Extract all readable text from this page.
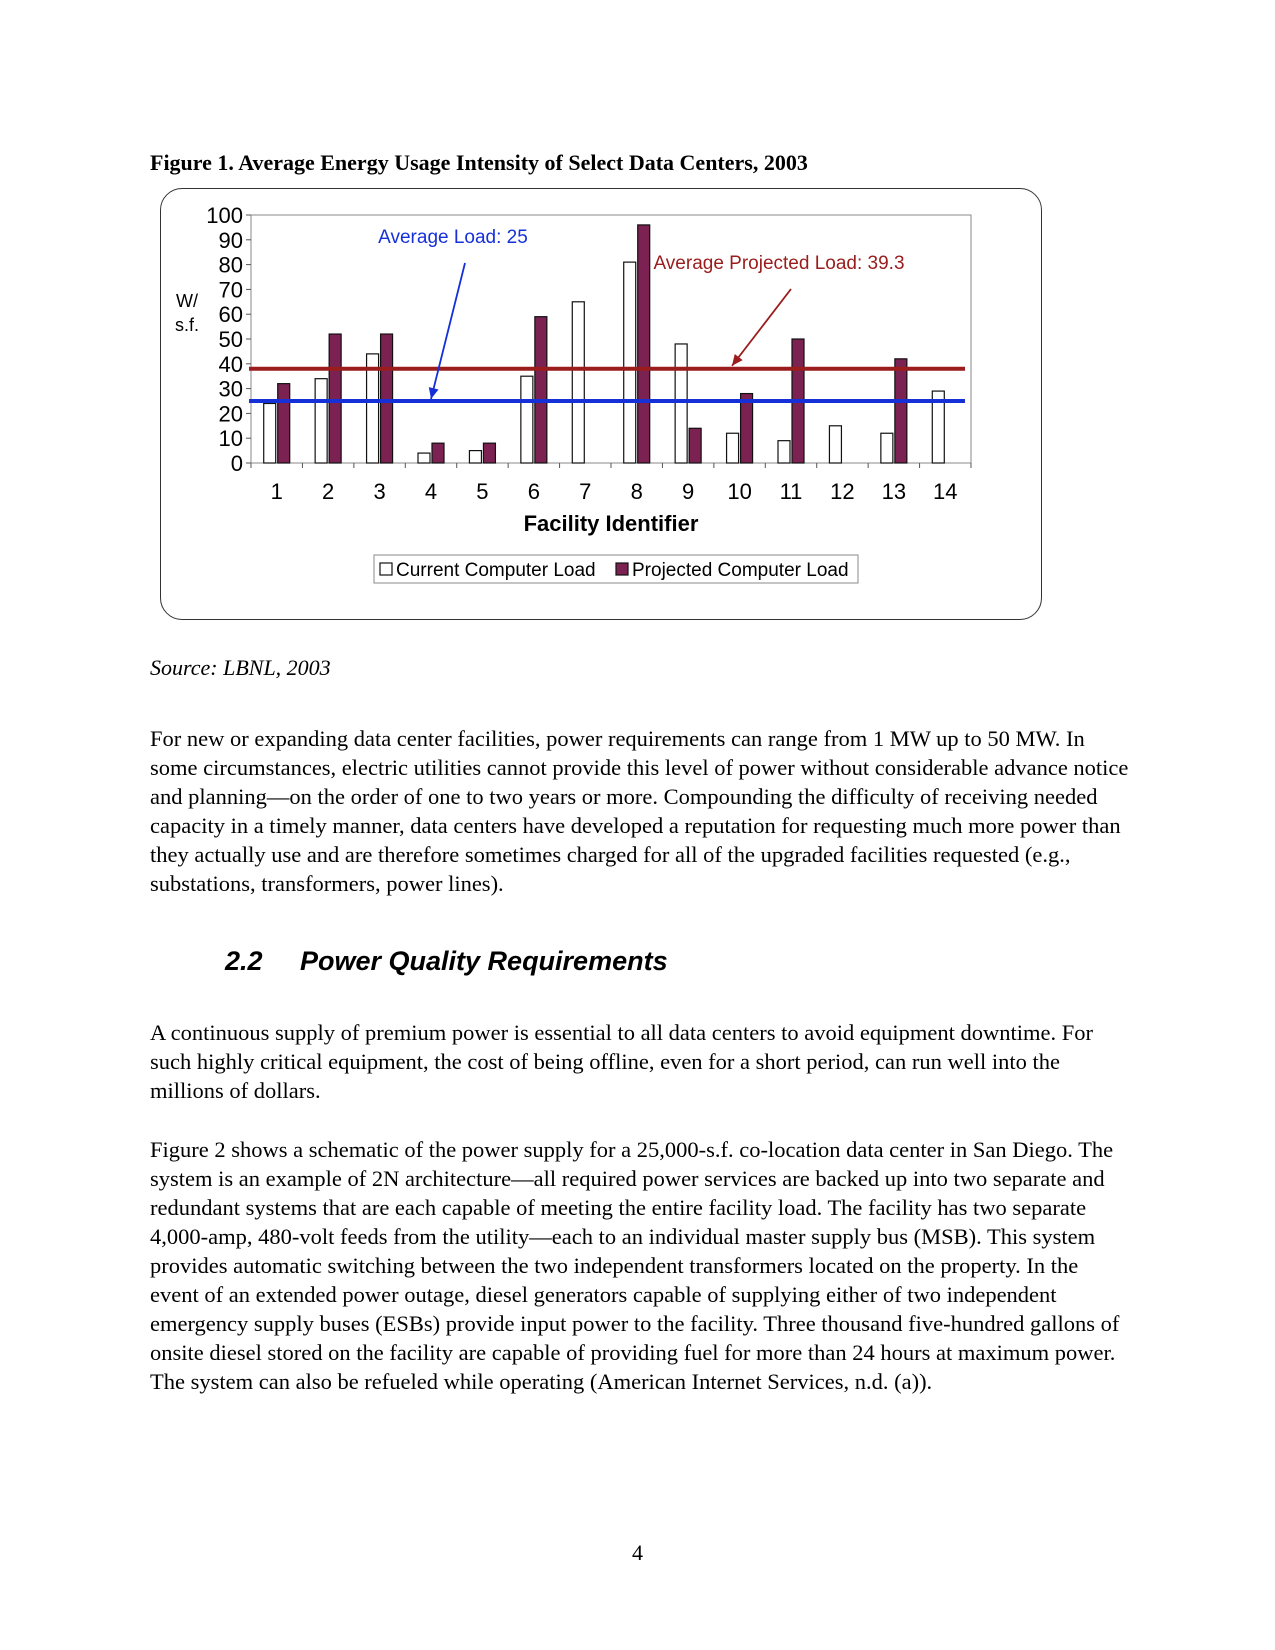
Figure 1. Average Energy Usage Intensity of Select Data Centers, 2003
0
10
20
30
40
50
60
70
80
90
100
W/
s.f.
1 2 3 4 5 6 7 8 9 10 11 12 13 14
Facility Identifier
Average Load: 25
Average Projected Load: 39.3
Current Computer Load Projected Computer Load

Source: LBNL, 2003

For new or expanding data center facilities, power requirements can range from 1 MW up to 50 MW. In some circumstances, electric utilities cannot provide this level of power without considerable advance notice and planning—on the order of one to two years or more. Compounding the difficulty of receiving needed capacity in a timely manner, data centers have developed a reputation for requesting much more power than they actually use and are therefore sometimes charged for all of the upgraded facilities requested (e.g., substations, transformers, power lines).

2.2 Power Quality Requirements

A continuous supply of premium power is essential to all data centers to avoid equipment downtime. For such highly critical equipment, the cost of being offline, even for a short period, can run well into the millions of dollars.

Figure 2 shows a schematic of the power supply for a 25,000-s.f. co-location data center in San Diego. The system is an example of 2N architecture—all required power services are backed up into two separate and redundant systems that are each capable of meeting the entire facility load. The facility has two separate 4,000-amp, 480-volt feeds from the utility—each to an individual master supply bus (MSB). This system provides automatic switching between the two independent transformers located on the property. In the event of an extended power outage, diesel generators capable of supplying either of two independent emergency supply buses (ESBs) provide input power to the facility. Three thousand five-hundred gallons of onsite diesel stored on the facility are capable of providing fuel for more than 24 hours at maximum power. The system can also be refueled while operating (American Internet Services, n.d. (a)).

4
